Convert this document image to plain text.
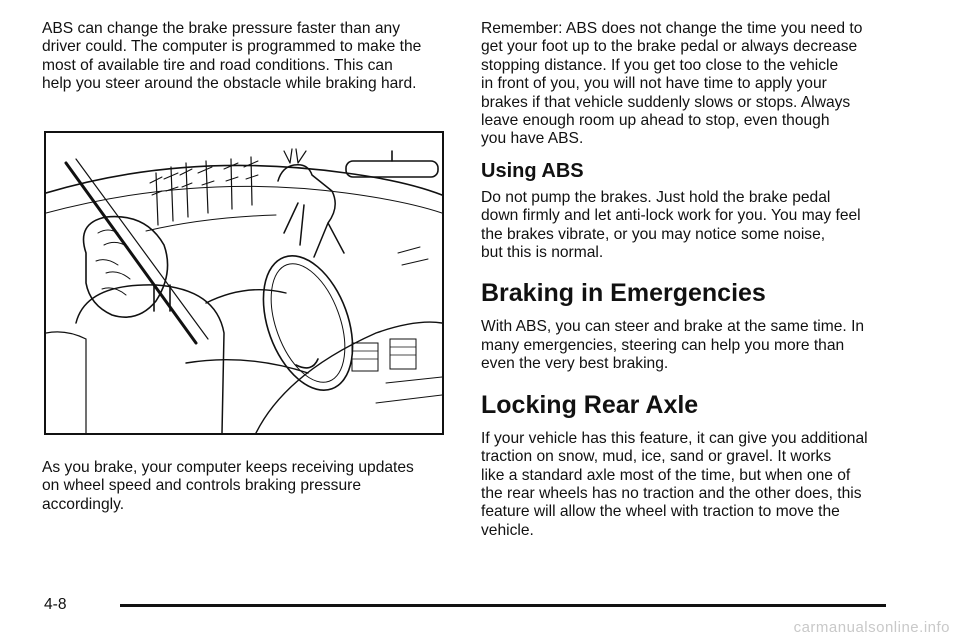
ABS can change the brake pressure faster than any
driver could. The computer is programmed to make the
most of available tire and road conditions. This can
help you steer around the obstacle while braking hard.

As you brake, your computer keeps receiving updates
on wheel speed and controls braking pressure
accordingly.

Remember: ABS does not change the time you need to
get your foot up to the brake pedal or always decrease
stopping distance. If you get too close to the vehicle
in front of you, you will not have time to apply your
brakes if that vehicle suddenly slows or stops. Always
leave enough room up ahead to stop, even though
you have ABS.

Using ABS

Do not pump the brakes. Just hold the brake pedal
down firmly and let anti-lock work for you. You may feel
the brakes vibrate, or you may notice some noise,
but this is normal.

Braking in Emergencies

With ABS, you can steer and brake at the same time. In
many emergencies, steering can help you more than
even the very best braking.

Locking Rear Axle

If your vehicle has this feature, it can give you additional
traction on snow, mud, ice, sand or gravel. It works
like a standard axle most of the time, but when one of
the rear wheels has no traction and the other does, this
feature will allow the wheel with traction to move the
vehicle.

4-8
carmanualsonline.info
